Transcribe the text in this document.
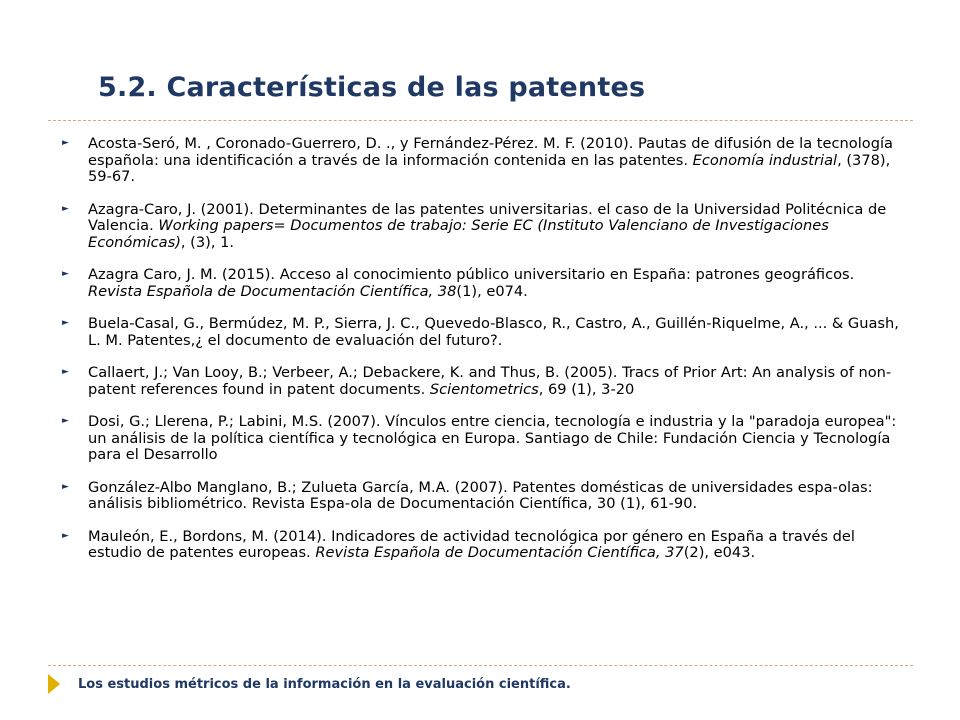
5.2. Características de las patentes
► Acosta-Seró, M. , Coronado-Guerrero, D. ., y Fernández-Pérez. M. F. (2010). Pautas de difusión de la tecnología española: una identificación a través de la información contenida en las patentes. Economía industrial, (378), 59-67.
► Azagra-Caro, J. (2001). Determinantes de las patentes universitarias. el caso de la Universidad Politécnica de Valencia. Working papers= Documentos de trabajo: Serie EC (Instituto Valenciano de Investigaciones Económicas), (3), 1.
► Azagra Caro, J. M. (2015). Acceso al conocimiento público universitario en España: patrones geográficos. Revista Española de Documentación Científica, 38(1), e074.
► Buela-Casal, G., Bermúdez, M. P., Sierra, J. C., Quevedo-Blasco, R., Castro, A., Guillén-Riquelme, A., ... & Guash, L. M. Patentes,¿ el documento de evaluación del futuro?.
► Callaert, J.; Van Looy, B.; Verbeer, A.; Debackere, K. and Thus, B. (2005). Tracs of Prior Art: An analysis of non-patent references found in patent documents. Scientometrics, 69 (1), 3-20
► Dosi, G.; Llerena, P.; Labini, M.S. (2007). Vínculos entre ciencia, tecnología e industria y la "paradoja europea": un análisis de la política científica y tecnológica en Europa. Santiago de Chile: Fundación Ciencia y Tecnología para el Desarrollo
► González-Albo Manglano, B.; Zulueta García, M.A. (2007). Patentes domésticas de universidades espa-olas: análisis bibliométrico. Revista Espa-ola de Documentación Científica, 30 (1), 61-90.
► Mauleón, E., Bordons, M. (2014). Indicadores de actividad tecnológica por género en España a través del estudio de patentes europeas. Revista Española de Documentación Científica, 37(2), e043.
Los estudios métricos de la información en la evaluación científica.
